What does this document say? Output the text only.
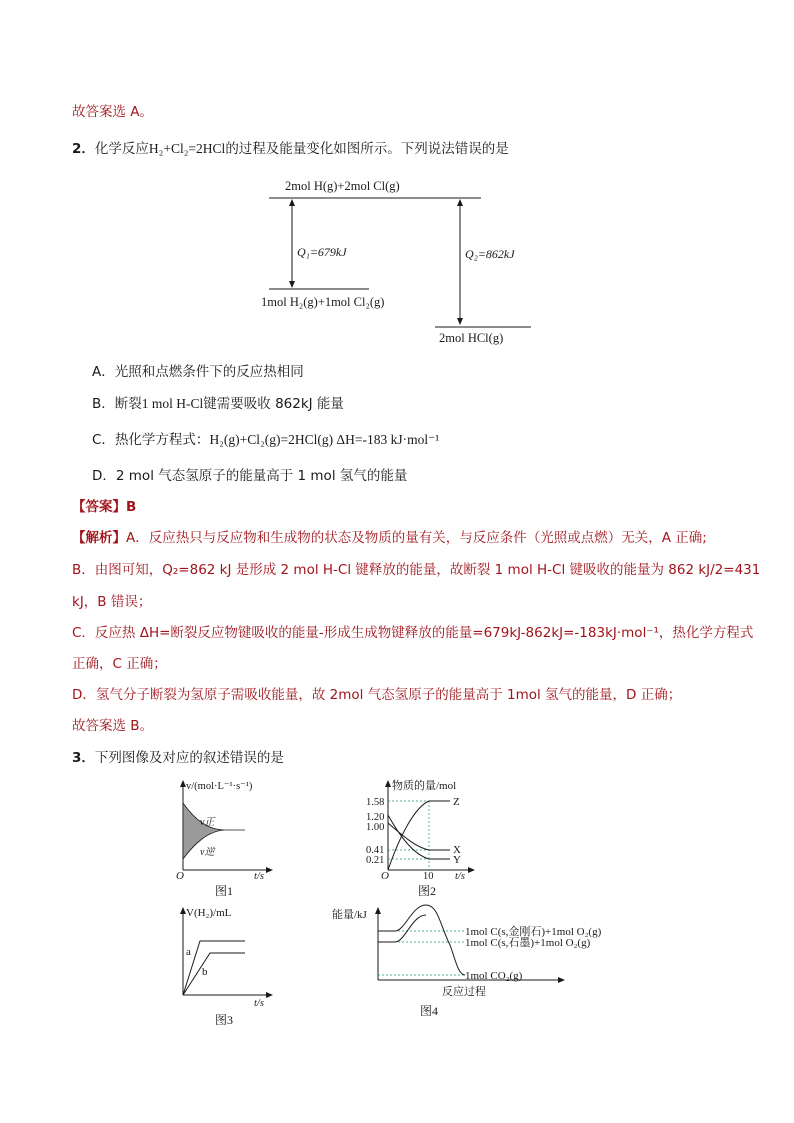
故答案选 A。
2．化学反应H₂+Cl₂=2HCl的过程及能量变化如图所示。下列说法错误的是
2mol H(g)+2mol Cl(g)
Q₁=679kJ
1mol H₂(g)+1mol Cl₂(g)
Q₂=862kJ
2mol HCl(g)
A．光照和点燃条件下的反应热相同
B．断裂1 mol H-Cl键需要吸收 862kJ 能量
C．热化学方程式：H₂(g)+Cl₂(g)=2HCl(g) ΔH=-183 kJ·mol⁻¹
D．2 mol 气态氢原子的能量高于 1 mol 氢气的能量
【答案】B
【解析】A．反应热只与反应物和生成物的状态及物质的量有关，与反应条件（光照或点燃）无关，A 正确;
B．由图可知，Q₂=862 kJ 是形成 2 mol H-Cl 键释放的能量，故断裂 1 mol H-Cl 键吸收的能量为 862 kJ/2=431
kJ，B 错误；
C．反应热 ΔH=断裂反应物键吸收的能量-形成生成物键释放的能量=679kJ-862kJ=-183kJ·mol⁻¹，热化学方程式
正确，C 正确；
D．氢气分子断裂为氢原子需吸收能量，故 2mol 气态氢原子的能量高于 1mol 氢气的能量，D 正确；
故答案选 B。
3．下列图像及对应的叙述错误的是
v/(mol·L⁻¹·s⁻¹)
v正
v逆
O	t/s
图1
物质的量/mol
1.58
1.20
1.00
0.41
0.21
Z
X
Y
O	10 t/s
图2
V(H₂)/mL
a
b
t/s
图3
能量/kJ
1mol C(s,金刚石)+1mol O₂(g)
1mol C(s,石墨)+1mol O₂(g)
1mol CO₂(g)
反应过程
图4
